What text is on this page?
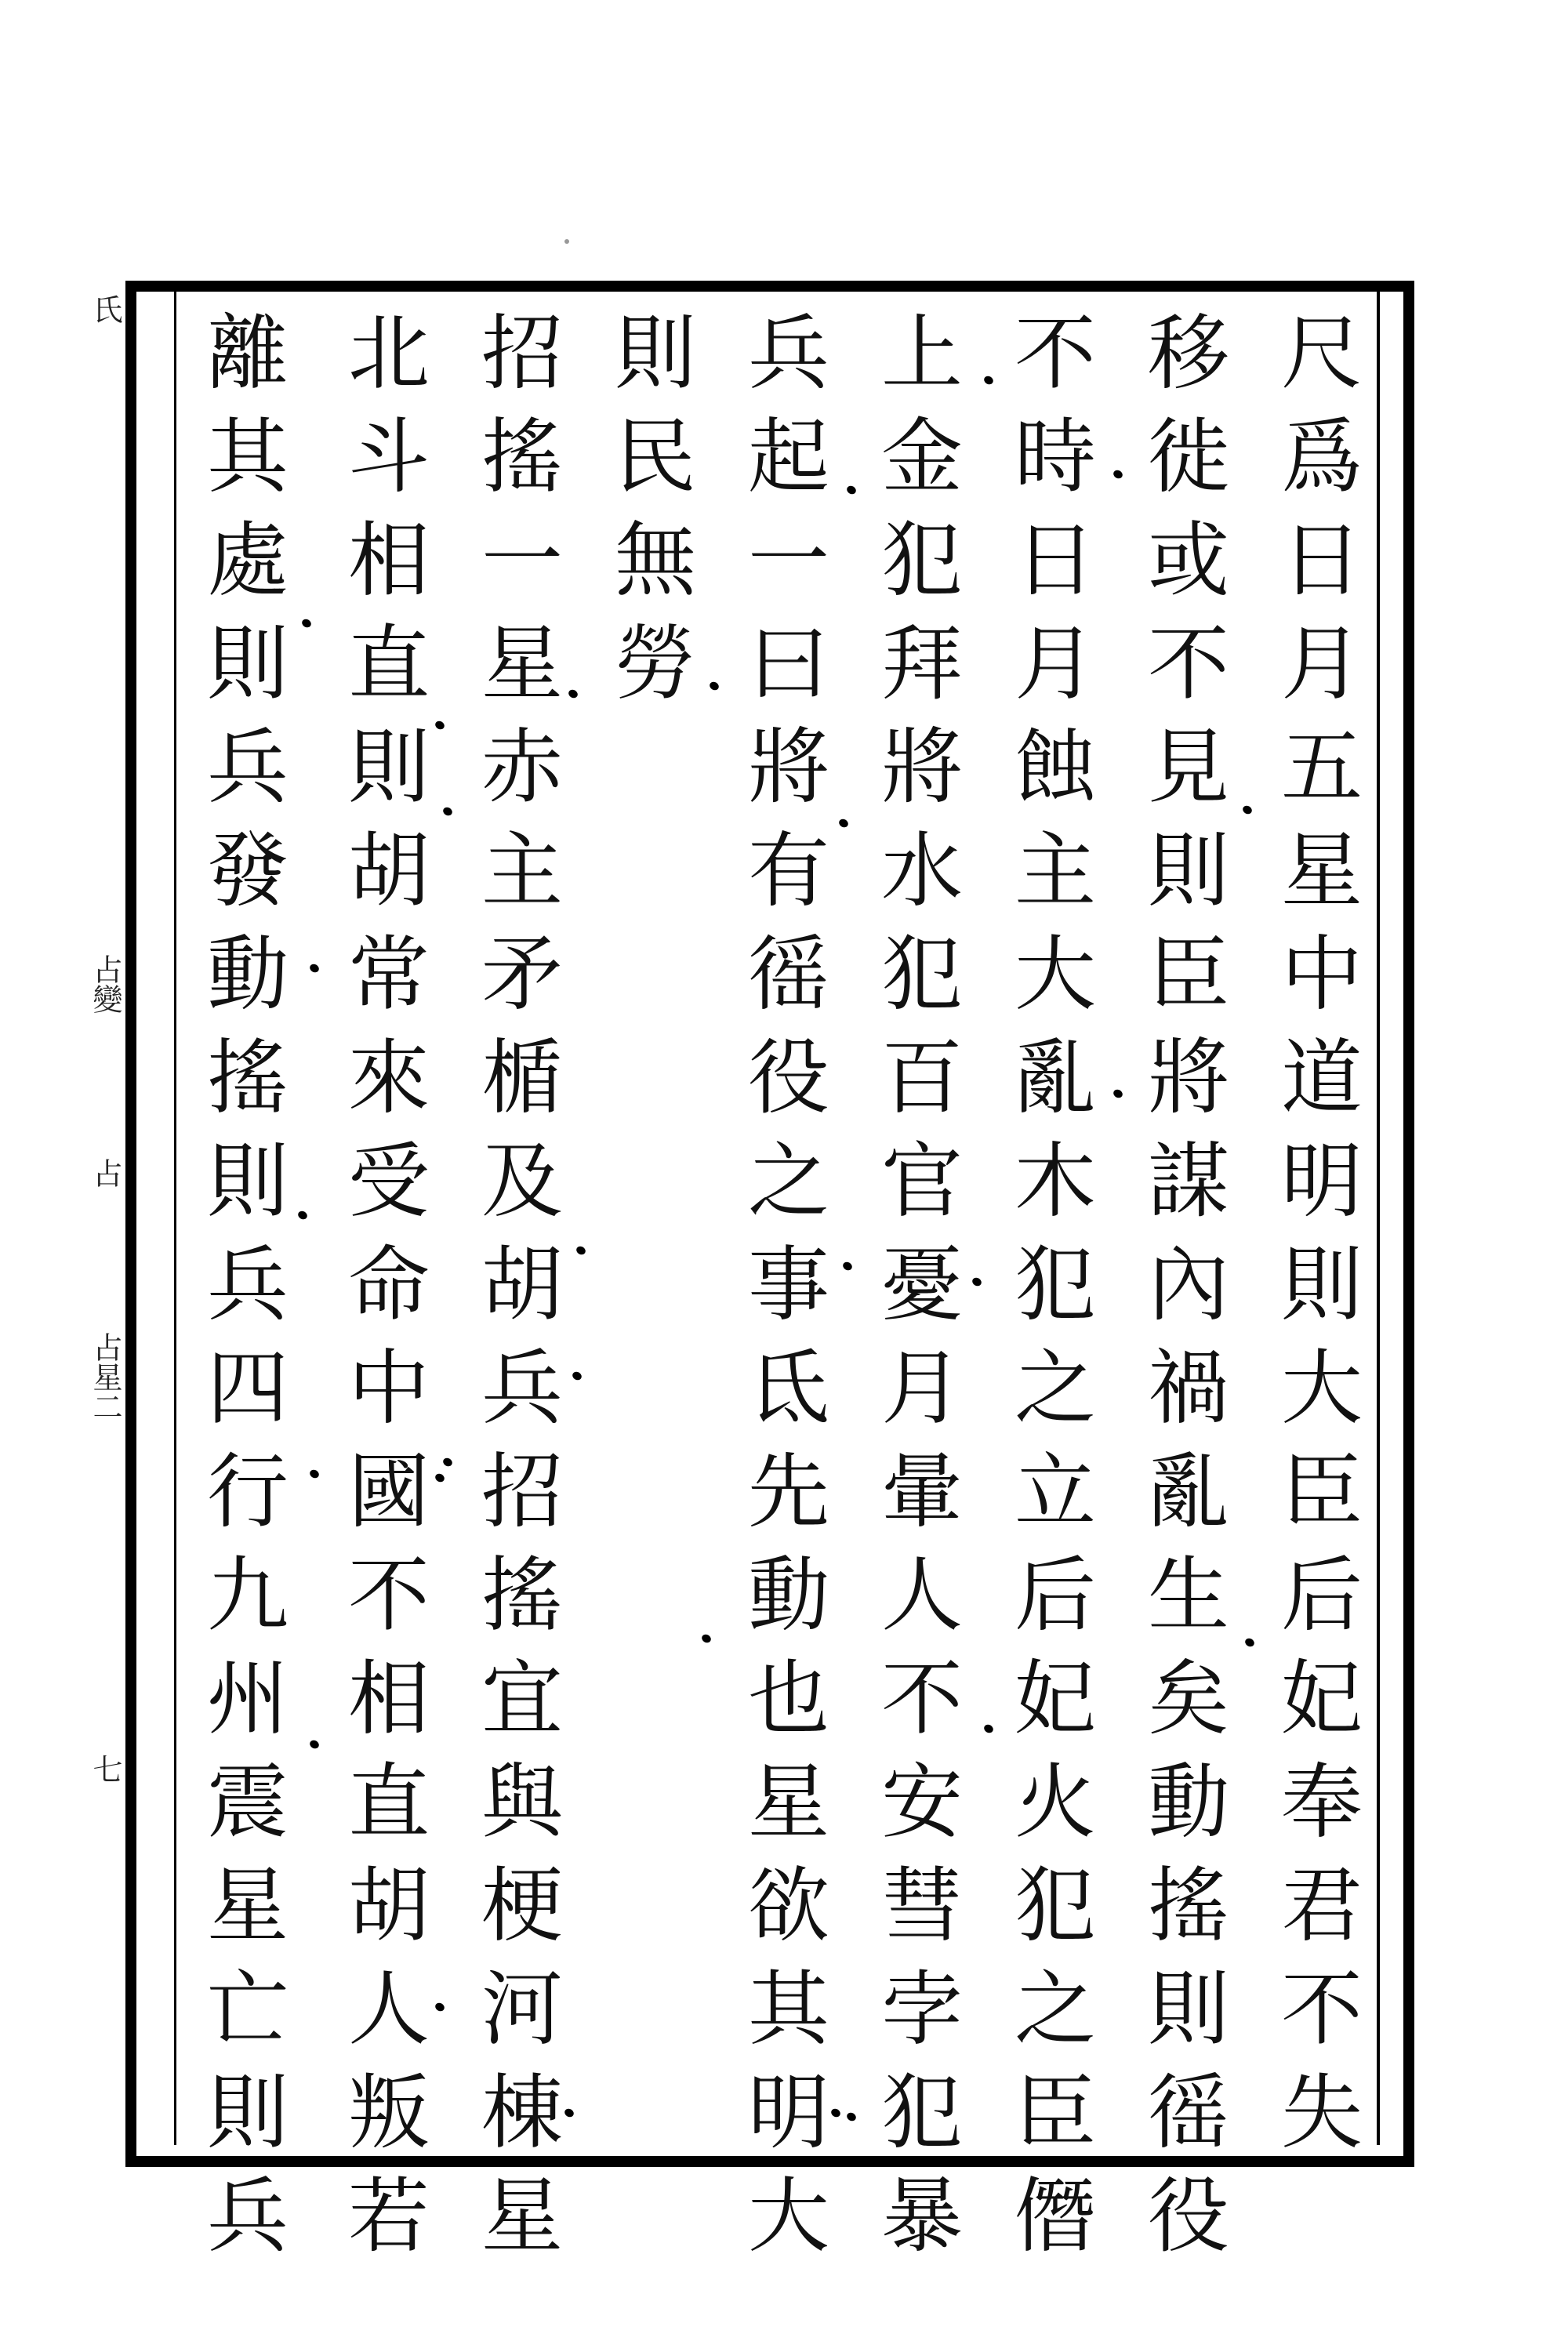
氏 占變 占 占星二 七	尺爲日月五星中道明則大臣后妃奉君不失
移徙或不見則臣將謀內禍亂生矣動搖則徭役
不時日月蝕主大亂木犯之立后妃火犯之臣僭
上金犯拜將水犯百官憂月暈人不安彗孛犯暴
兵起一曰將有徭役之事氐先動也星欲其明大
則民無勞
招搖一星赤主矛楯及胡兵招搖宜與梗河棟星
北斗相直則胡常來受命中國不相直胡人叛若
離其處則兵發動搖則兵四行九州震星亡則兵
